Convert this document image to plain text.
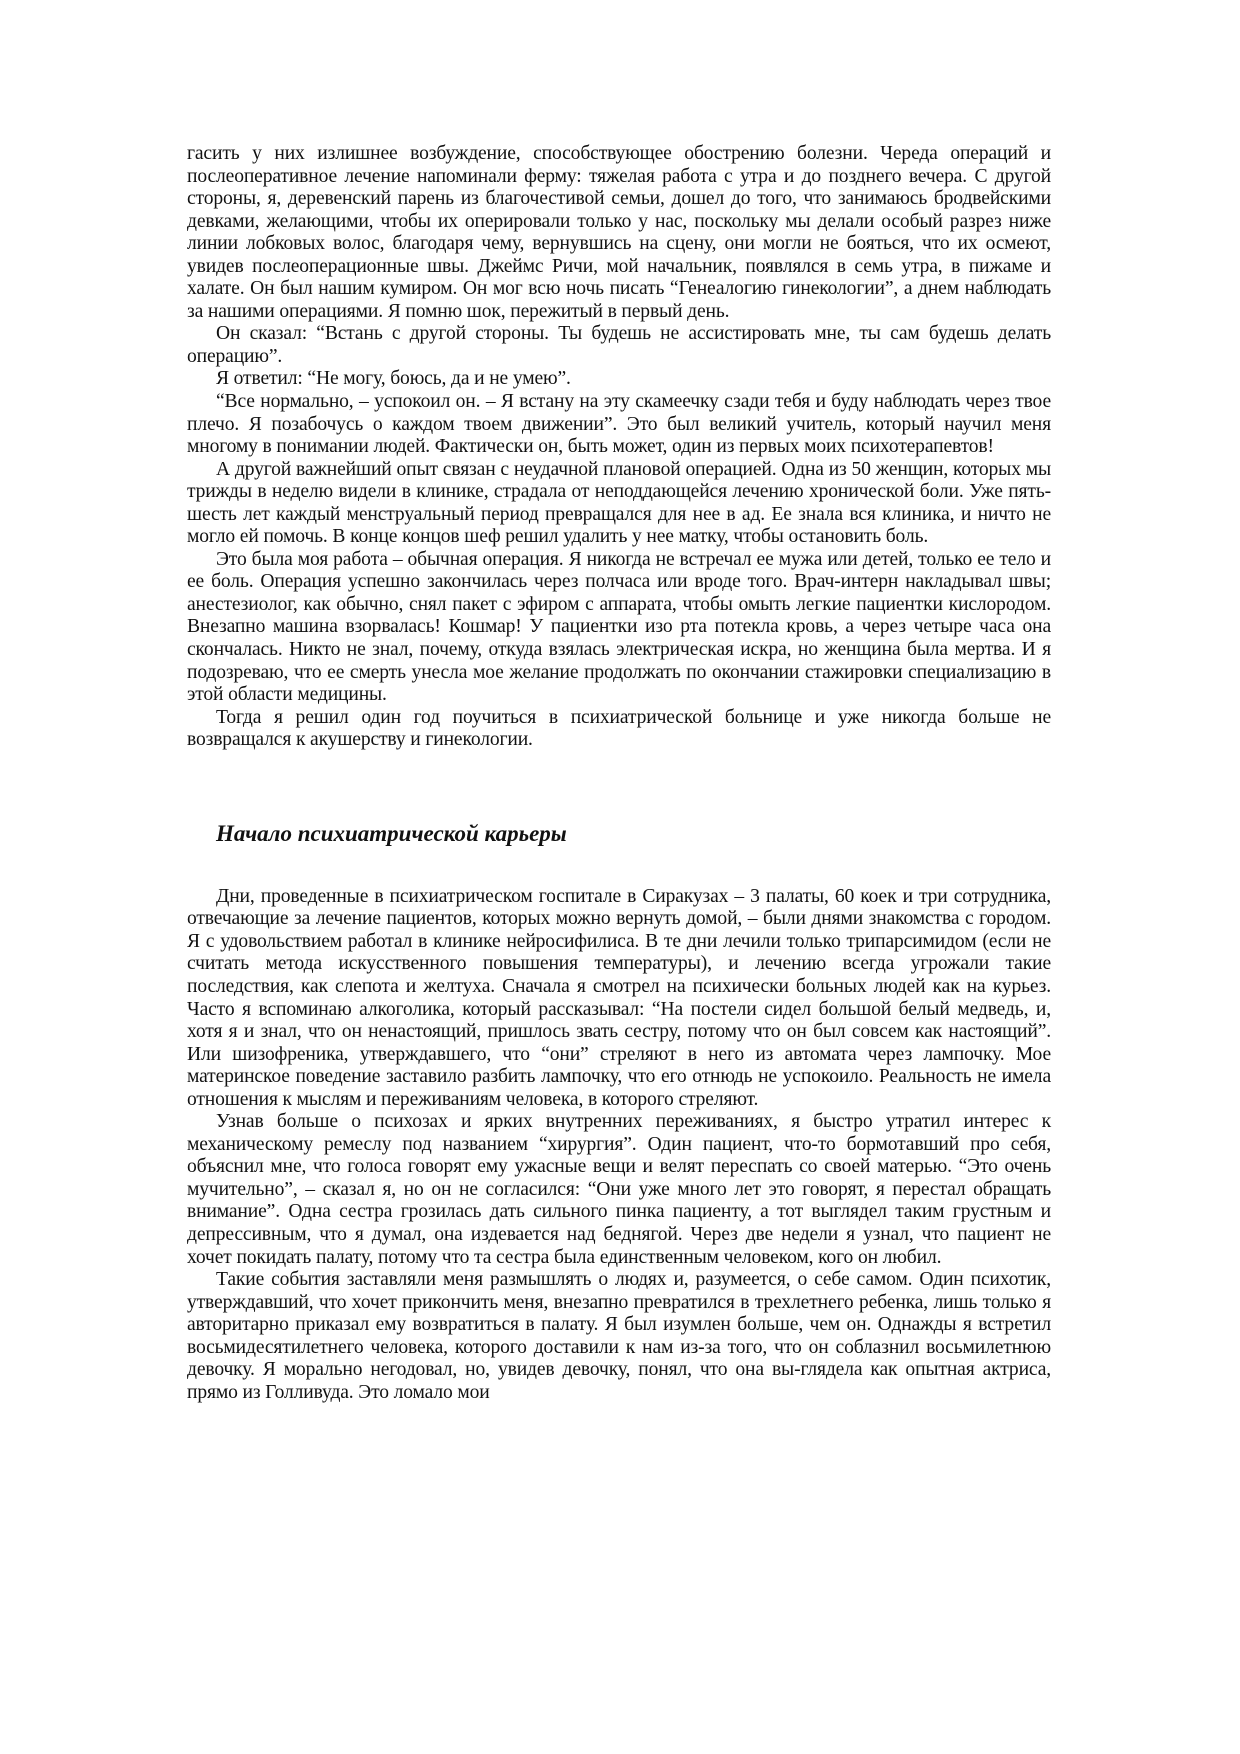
гасить у них излишнее возбуждение, способствующее обострению болезни. Череда операций и послеоперативное лечение напоминали ферму: тяжелая работа с утра и до позднего вечера. С другой стороны, я, деревенский парень из благочестивой семьи, дошел до того, что занимаюсь бродвейскими девками, желающими, чтобы их оперировали только у нас, поскольку мы делали особый разрез ниже линии лобковых волос, благодаря чему, вернувшись на сцену, они могли не бояться, что их осмеют, увидев послеоперационные швы. Джеймс Ричи, мой начальник, появлялся в семь утра, в пижаме и халате. Он был нашим кумиром. Он мог всю ночь писать “Генеалогию гинекологии”, а днем наблюдать за нашими операциями. Я помню шок, пережитый в первый день.

Он сказал: “Встань с другой стороны. Ты будешь не ассистировать мне, ты сам будешь делать операцию”.

Я ответил: “Не могу, боюсь, да и не умею”.

“Все нормально, – успокоил он. – Я встану на эту скамеечку сзади тебя и буду наблюдать через твое плечо. Я позабочусь о каждом твоем движении”. Это был великий учитель, который научил меня многому в понимании людей. Фактически он, быть может, один из первых моих психотерапевтов!

А другой важнейший опыт связан с неудачной плановой операцией. Одна из 50 женщин, которых мы трижды в неделю видели в клинике, страдала от неподдающейся лечению хронической боли. Уже пять-шесть лет каждый менструальный период превращался для нее в ад. Ее знала вся клиника, и ничто не могло ей помочь. В конце концов шеф решил удалить у нее матку, чтобы остановить боль.

Это была моя работа – обычная операция. Я никогда не встречал ее мужа или детей, только ее тело и ее боль. Операция успешно закончилась через полчаса или вроде того. Врач-интерн накладывал швы; анестезиолог, как обычно, снял пакет с эфиром с аппарата, чтобы омыть легкие пациентки кислородом. Внезапно машина взорвалась! Кошмар! У пациентки изо рта потекла кровь, а через четыре часа она скончалась. Никто не знал, почему, откуда взялась электрическая искра, но женщина была мертва. И я подозреваю, что ее смерть унесла мое желание продолжать по окончании стажировки специализацию в этой области медицины.

Тогда я решил один год поучиться в психиатрической больнице и уже никогда больше не возвращался к акушерству и гинекологии.

Начало психиатрической карьеры

Дни, проведенные в психиатрическом госпитале в Сиракузах – 3 палаты, 60 коек и три сотрудника, отвечающие за лечение пациентов, которых можно вернуть домой, – были днями знакомства с городом. Я с удовольствием работал в клинике нейросифилиса. В те дни лечили только трипарсимидом (если не считать метода искусственного повышения температуры), и лечению всегда угрожали такие последствия, как слепота и желтуха. Сначала я смотрел на психически больных людей как на курьез. Часто я вспоминаю алкоголика, который рассказывал: “На постели сидел большой белый медведь, и, хотя я и знал, что он ненастоящий, пришлось звать сестру, потому что он был совсем как настоящий”. Или шизофреника, утверждавшего, что “они” стреляют в него из автомата через лампочку. Мое материнское поведение заставило разбить лампочку, что его отнюдь не успокоило. Реальность не имела отношения к мыслям и переживаниям человека, в которого стреляют.

Узнав больше о психозах и ярких внутренних переживаниях, я быстро утратил интерес к механическому ремеслу под названием “хирургия”. Один пациент, что-то бормотавший про себя, объяснил мне, что голоса говорят ему ужасные вещи и велят переспать со своей матерью. “Это очень мучительно”, – сказал я, но он не согласился: “Они уже много лет это говорят, я перестал обращать внимание”. Одна сестра грозилась дать сильного пинка пациенту, а тот выглядел таким грустным и депрессивным, что я думал, она издевается над беднягой. Через две недели я узнал, что пациент не хочет покидать палату, потому что та сестра была единственным человеком, кого он любил.

Такие события заставляли меня размышлять о людях и, разумеется, о себе самом. Один психотик, утверждавший, что хочет прикончить меня, внезапно превратился в трехлетнего ребенка, лишь только я авторитарно приказал ему возвратиться в палату. Я был изумлен больше, чем он. Однажды я встретил восьмидесятилетнего человека, которого доставили к нам из-за того, что он соблазнил восьмилетнюю девочку. Я морально негодовал, но, увидев девочку, понял, что она вы-глядела как опытная актриса, прямо из Голливуда. Это ломало мои
